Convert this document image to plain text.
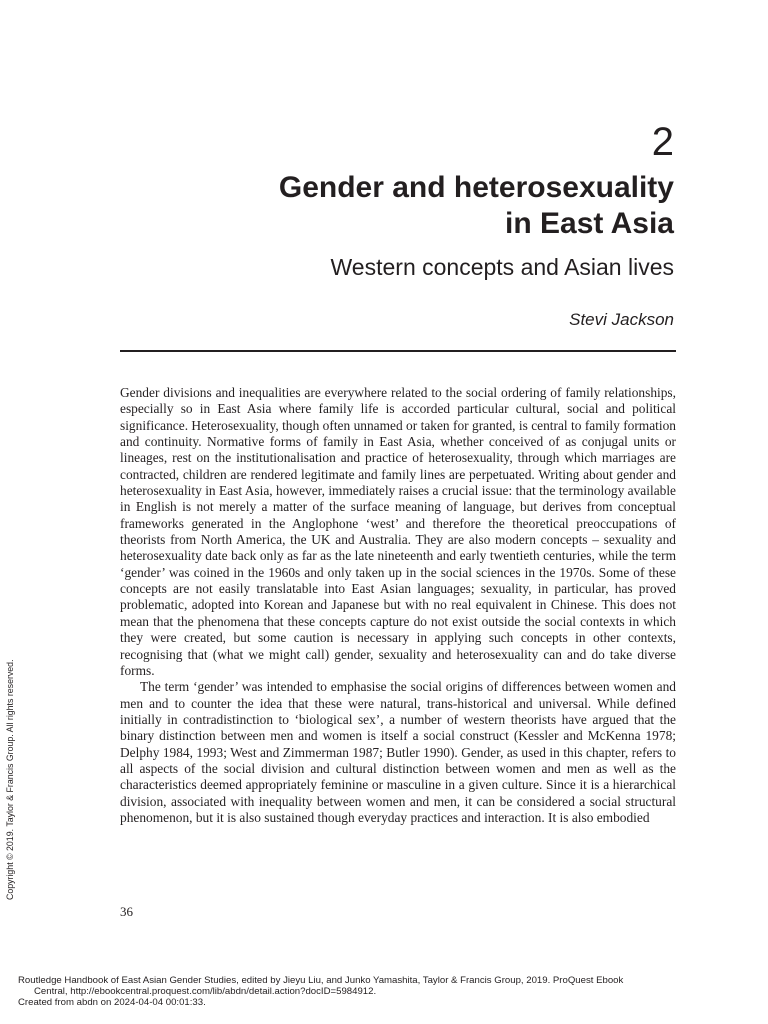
2
Gender and heterosexuality
in East Asia
Western concepts and Asian lives
Stevi Jackson

Gender divisions and inequalities are everywhere related to the social ordering of family relationships, especially so in East Asia where family life is accorded particular cultural, social and political significance. Heterosexuality, though often unnamed or taken for granted, is central to family formation and continuity. Normative forms of family in East Asia, whether conceived of as conjugal units or lineages, rest on the institutionalisation and practice of heterosexuality, through which marriages are contracted, children are rendered legitimate and family lines are perpetuated. Writing about gender and heterosexuality in East Asia, however, immediately raises a crucial issue: that the terminology available in English is not merely a matter of the surface meaning of language, but derives from conceptual frameworks generated in the Anglophone ‘west’ and therefore the theoretical preoccupations of theorists from North America, the UK and Australia. They are also modern concepts – sexuality and heterosexuality date back only as far as the late nineteenth and early twentieth centuries, while the term ‘gender’ was coined in the 1960s and only taken up in the social sciences in the 1970s. Some of these concepts are not easily translatable into East Asian languages; sexuality, in particular, has proved problematic, adopted into Korean and Japanese but with no real equivalent in Chinese. This does not mean that the phenomena that these concepts capture do not exist outside the social contexts in which they were created, but some caution is necessary in applying such concepts in other contexts, recognising that (what we might call) gender, sexuality and heterosexuality can and do take diverse forms.

The term ‘gender’ was intended to emphasise the social origins of differences between women and men and to counter the idea that these were natural, trans-historical and universal. While defined initially in contradistinction to ‘biological sex’, a number of western theorists have argued that the binary distinction between men and women is itself a social construct (Kessler and McKenna 1978; Delphy 1984, 1993; West and Zimmerman 1987; Butler 1990). Gender, as used in this chapter, refers to all aspects of the social division and cultural distinction between women and men as well as the characteristics deemed appropriately feminine or masculine in a given culture. Since it is a hierarchical division, associated with inequality between women and men, it can be considered a social structural phenomenon, but it is also sustained though everyday practices and interaction. It is also embodied

36
Copyright © 2019. Taylor & Francis Group. All rights reserved.
Routledge Handbook of East Asian Gender Studies, edited by Jieyu Liu, and Junko Yamashita, Taylor & Francis Group, 2019. ProQuest Ebook
Central, http://ebookcentral.proquest.com/lib/abdn/detail.action?docID=5984912.
Created from abdn on 2024-04-04 00:01:33.
